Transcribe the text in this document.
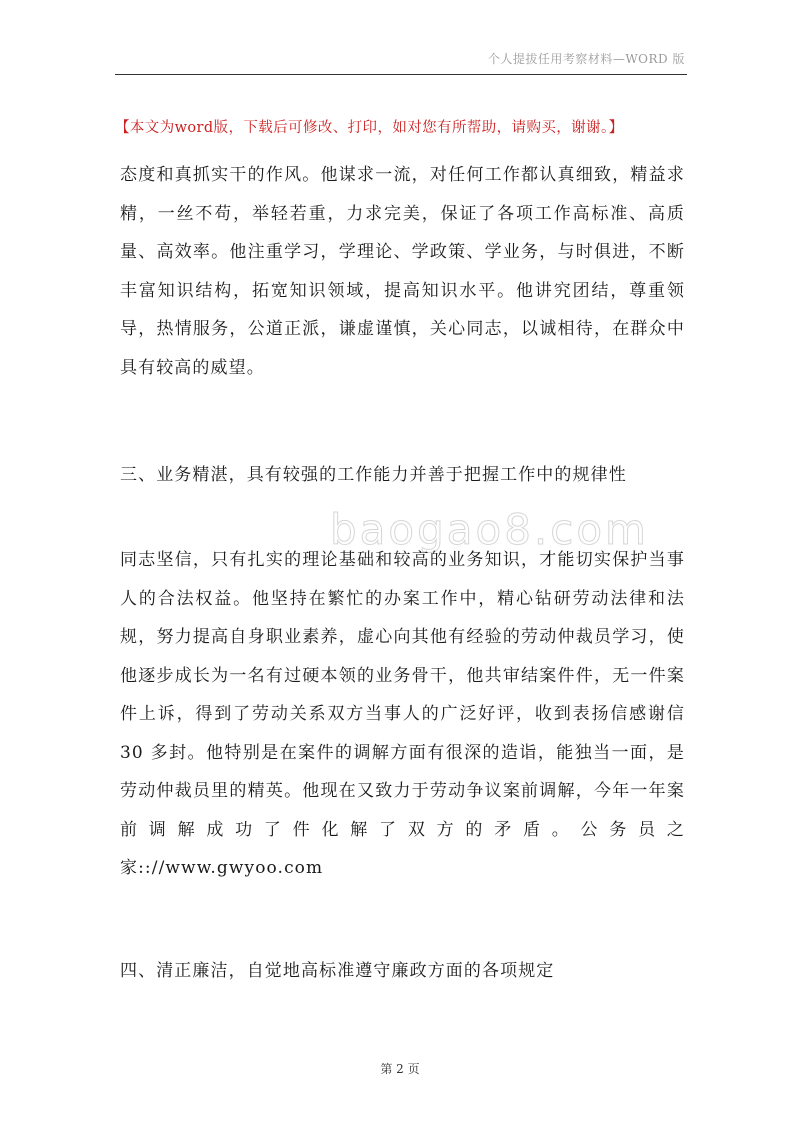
个人提拔任用考察材料—WORD 版
【本文为word版，下载后可修改、打印，如对您有所帮助，请购买，谢谢。】

态度和真抓实干的作风。他谋求一流，对任何工作都认真细致，精益求精，一丝不苟，举轻若重，力求完美，保证了各项工作高标准、高质量、高效率。他注重学习，学理论、学政策、学业务，与时俱进，不断丰富知识结构，拓宽知识领域，提高知识水平。他讲究团结，尊重领导，热情服务，公道正派，谦虚谨慎，关心同志，以诚相待，在群众中具有较高的威望。

三、业务精湛，具有较强的工作能力并善于把握工作中的规律性

baogao8.com

同志坚信，只有扎实的理论基础和较高的业务知识，才能切实保护当事人的合法权益。他坚持在繁忙的办案工作中，精心钻研劳动法律和法规，努力提高自身职业素养，虚心向其他有经验的劳动仲裁员学习，使他逐步成长为一名有过硬本领的业务骨干，他共审结案件件，无一件案件上诉，得到了劳动关系双方当事人的广泛好评，收到表扬信感谢信 30 多封。他特别是在案件的调解方面有很深的造诣，能独当一面，是劳动仲裁员里的精英。他现在又致力于劳动争议案前调解，今年一年案前调解成功了件化解了双方的矛盾。公务员之家:://www.gwyoo.com

四、清正廉洁，自觉地高标准遵守廉政方面的各项规定

第 2 页
